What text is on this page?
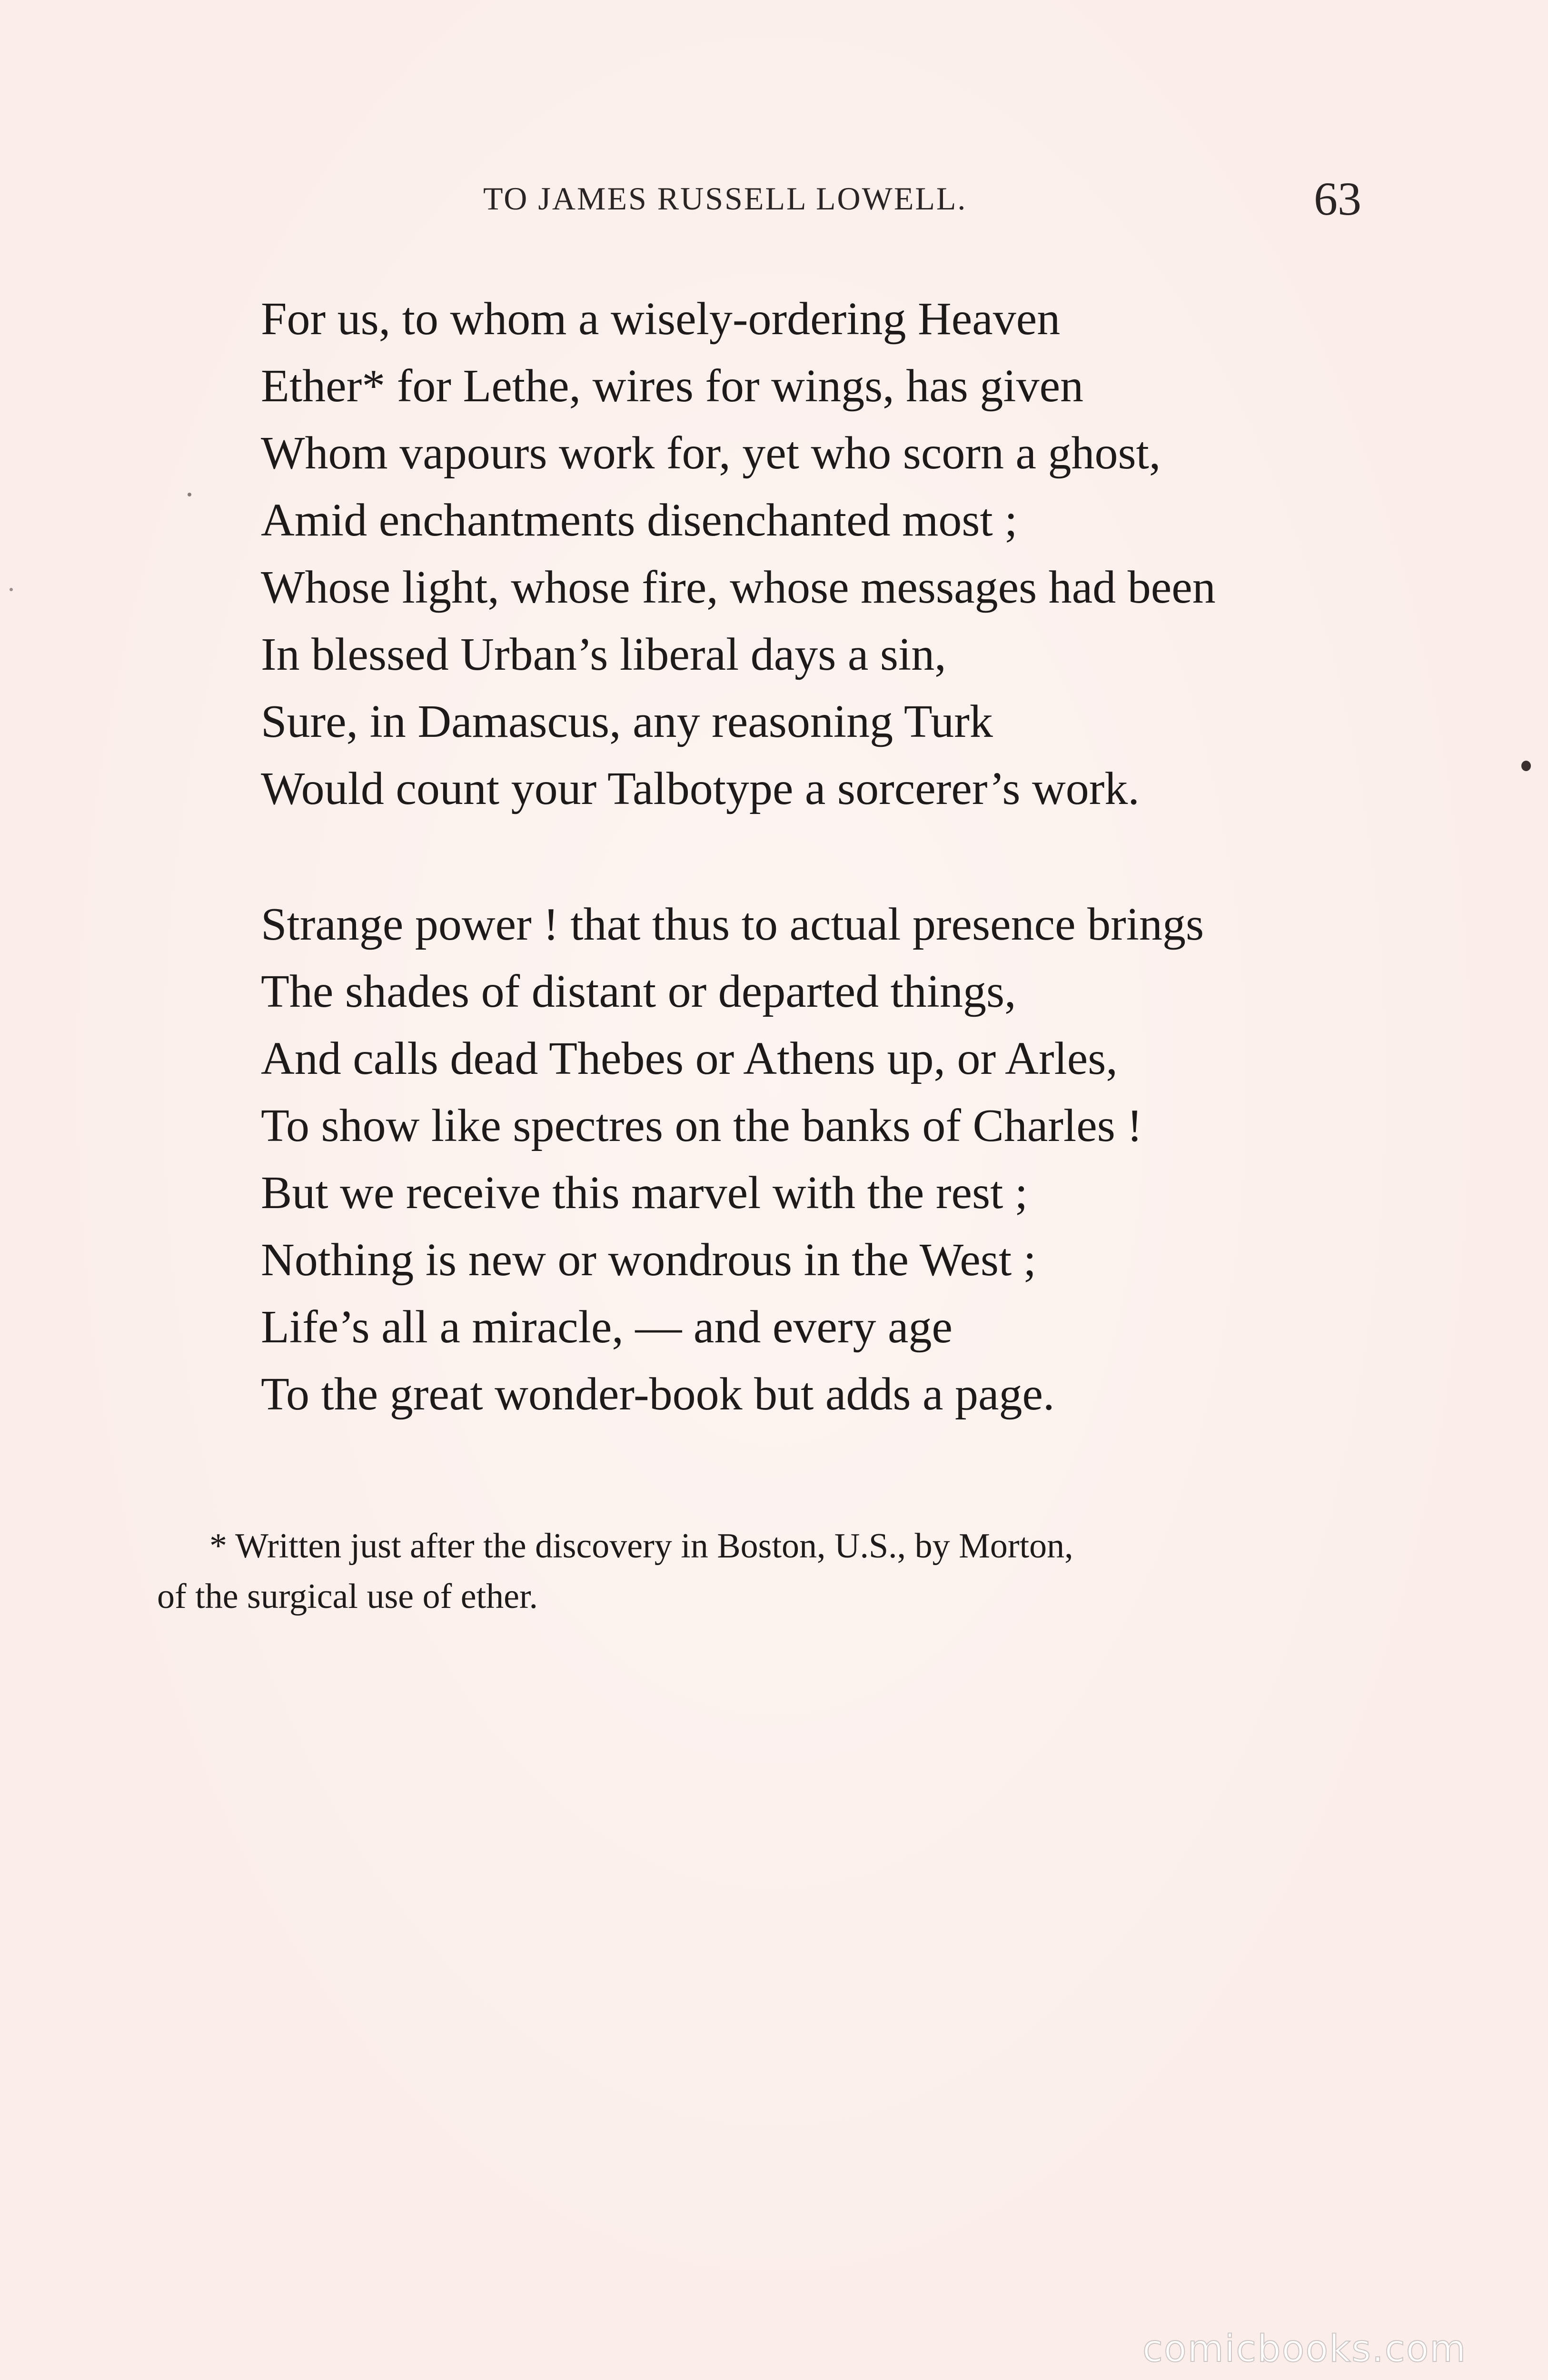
TO JAMES RUSSELL LOWELL.	63
For us, to whom a wisely-ordering Heaven
Ether* for Lethe, wires for wings, has given
Whom vapours work for, yet who scorn a ghost,
Amid enchantments disenchanted most ;
Whose light, whose fire, whose messages had been
In blessed Urban’s liberal days a sin,
Sure, in Damascus, any reasoning Turk
Would count your Talbotype a sorcerer’s work.
Strange power ! that thus to actual presence brings
The shades of distant or departed things,
And calls dead Thebes or Athens up, or Arles,
To show like spectres on the banks of Charles !
But we receive this marvel with the rest ;
Nothing is new or wondrous in the West ;
Life’s all a miracle, — and every age
To the great wonder-book but adds a page.
* Written just after the discovery in Boston, U.S., by Morton,
of the surgical use of ether.
comicbooks.com
